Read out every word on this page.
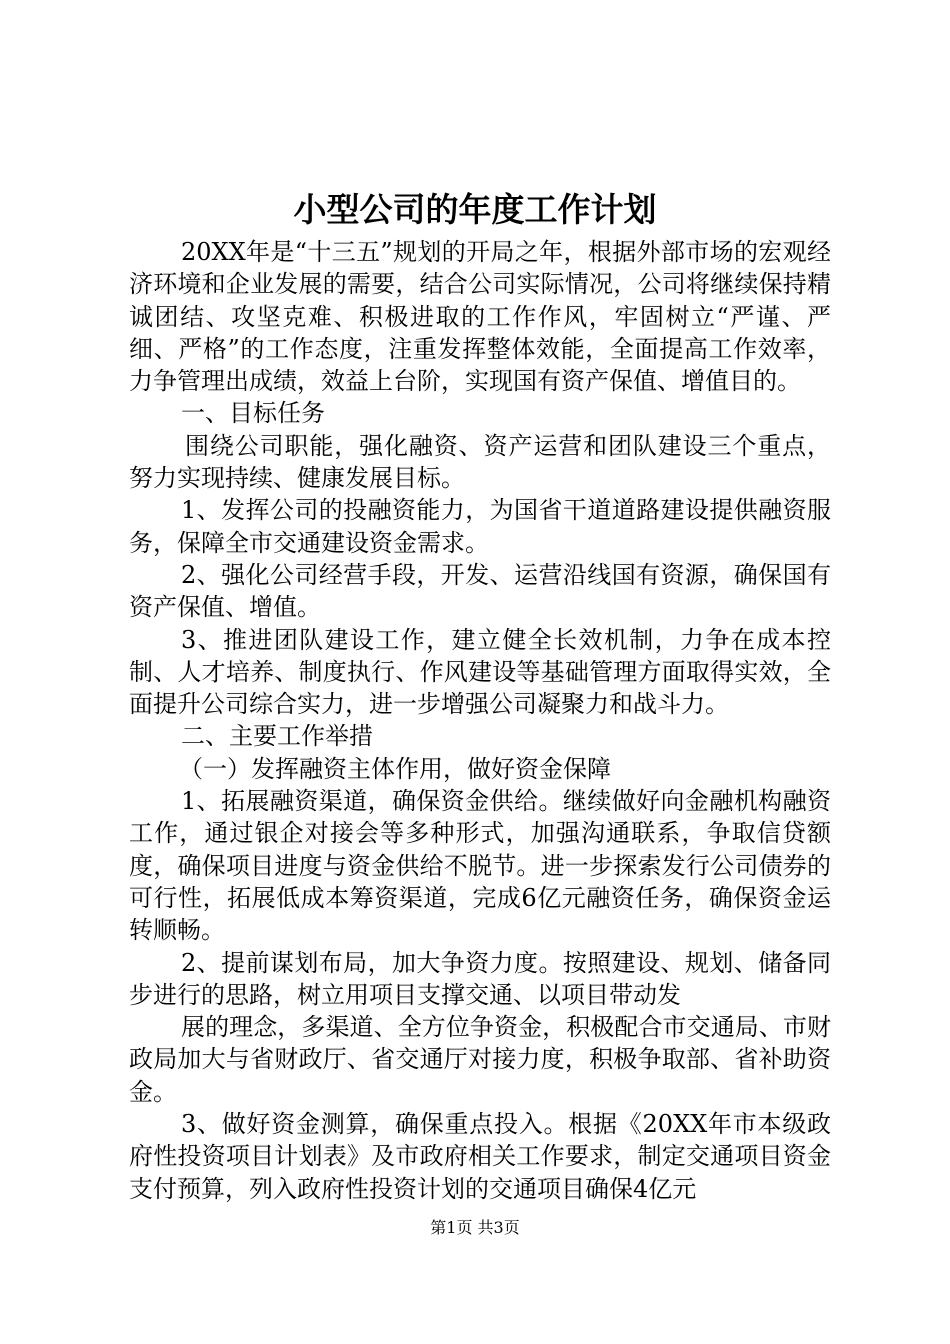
小型公司的年度工作计划

20XX年是“十三五”规划的开局之年，根据外部市场的宏观经济环境和企业发展的需要，结合公司实际情况，公司将继续保持精诚团结、攻坚克难、积极进取的工作作风，牢固树立“严谨、严细、严格”的工作态度，注重发挥整体效能，全面提高工作效率，力争管理出成绩，效益上台阶，实现国有资产保值、增值目的。

一、目标任务

围绕公司职能，强化融资、资产运营和团队建设三个重点，努力实现持续、健康发展目标。

1、发挥公司的投融资能力，为国省干道道路建设提供融资服务，保障全市交通建设资金需求。

2、强化公司经营手段，开发、运营沿线国有资源，确保国有资产保值、增值。

3、推进团队建设工作，建立健全长效机制，力争在成本控制、人才培养、制度执行、作风建设等基础管理方面取得实效，全面提升公司综合实力，进一步增强公司凝聚力和战斗力。

二、主要工作举措

（一）发挥融资主体作用，做好资金保障

1、拓展融资渠道，确保资金供给。继续做好向金融机构融资工作，通过银企对接会等多种形式，加强沟通联系，争取信贷额度，确保项目进度与资金供给不脱节。进一步探索发行公司债券的可行性，拓展低成本筹资渠道，完成6亿元融资任务，确保资金运转顺畅。

2、提前谋划布局，加大争资力度。按照建设、规划、储备同步进行的思路，树立用项目支撑交通、以项目带动发

展的理念，多渠道、全方位争资金，积极配合市交通局、市财政局加大与省财政厅、省交通厅对接力度，积极争取部、省补助资金。

3、做好资金测算，确保重点投入。根据《20XX年市本级政府性投资项目计划表》及市政府相关工作要求，制定交通项目资金支付预算，列入政府性投资计划的交通项目确保4亿元

第1页 共3页
